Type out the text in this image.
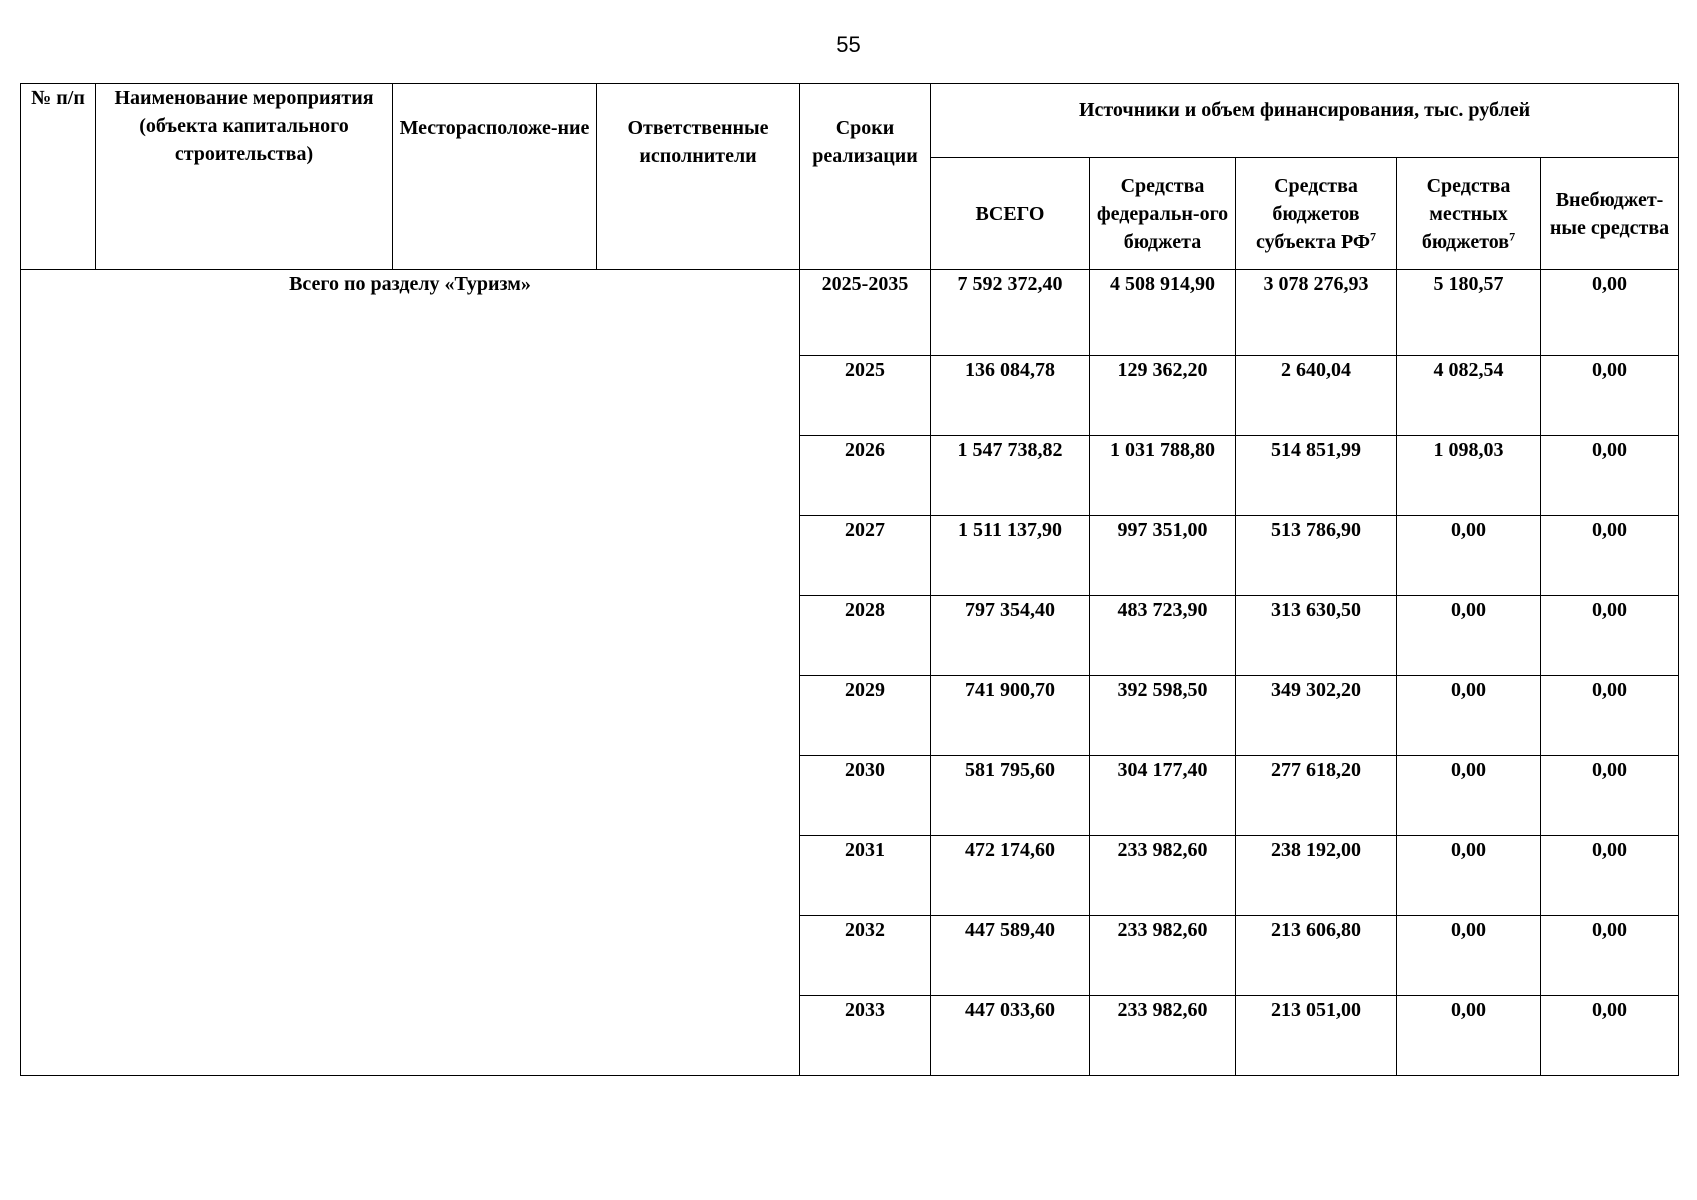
55
№ п/п	Наименование мероприятия (объекта капитального строительства)	Месторасположе-ние	Ответственные исполнители	Сроки реализации	Источники и объем финансирования, тыс. рублей				
					ВСЕГО	Средства федеральн-ого бюджета	Средства бюджетов субъекта $РФ^7$	Средства местных бюджетов$^7$	Внебюджет-ные средства
Всего по разделу «Туризм»				2025-2035	7 592 372,40	4 508 914,90	3 078 276,93	5 180,57	0,00
				2025	136 084,78	129 362,20	2 640,04	4 082,54	0,00
				2026	1 547 738,82	1 031 788,80	514 851,99	1 098,03	0,00
				2027	1 511 137,90	997 351,00	513 786,90	0,00	0,00
				2028	797 354,40	483 723,90	313 630,50	0,00	0,00
				2029	741 900,70	392 598,50	349 302,20	0,00	0,00
				2030	581 795,60	304 177,40	277 618,20	0,00	0,00
				2031	472 174,60	233 982,60	238 192,00	0,00	0,00
				2032	447 589,40	233 982,60	213 606,80	0,00	0,00
				2033	447 033,60	233 982,60	213 051,00	0,00	0,00
